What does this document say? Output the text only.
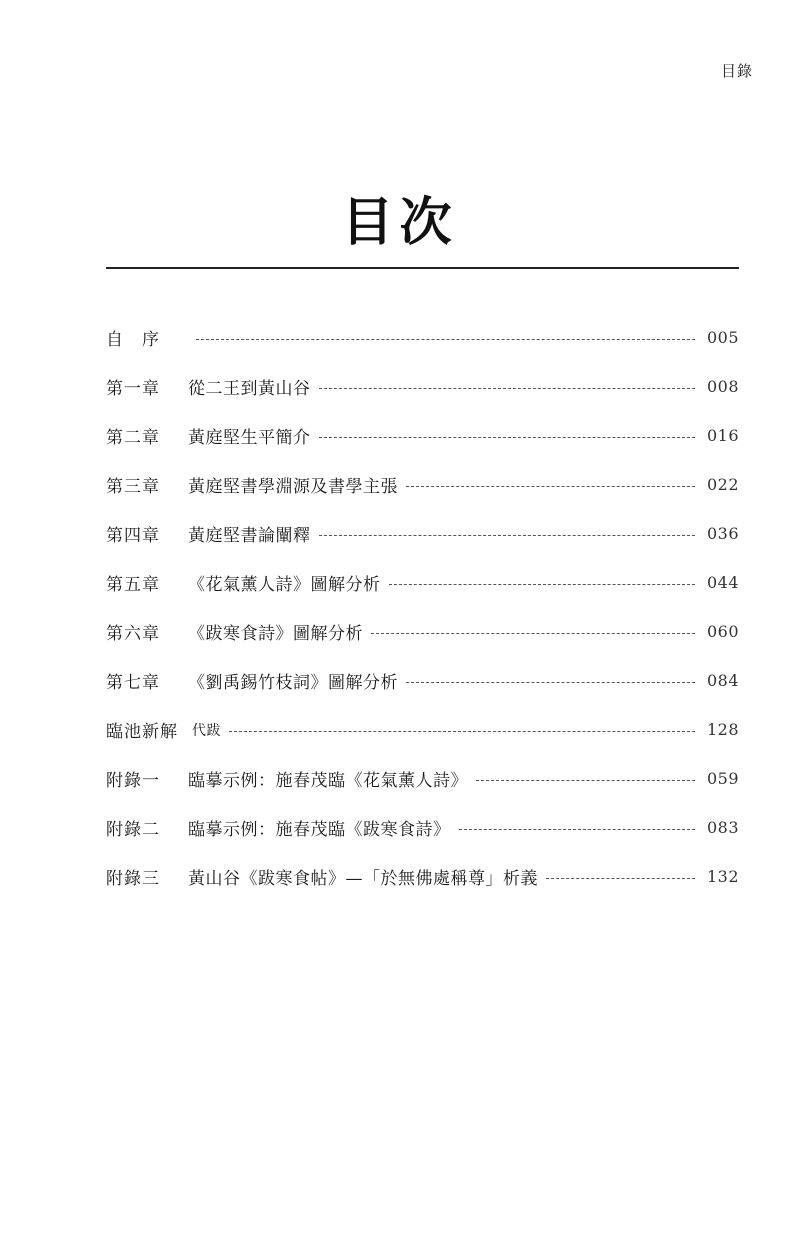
目錄
目次
自　序	005
第一章	從二王到黃山谷	008
第二章	黃庭堅生平簡介	016
第三章	黃庭堅書學淵源及書學主張	022
第四章	黃庭堅書論闡釋	036
第五章	《花氣薰人詩》圖解分析	044
第六章	《跋寒食詩》圖解分析	060
第七章	《劉禹錫竹枝詞》圖解分析	084
臨池新解 代跋	128
附錄一	臨摹示例：施春茂臨《花氣薰人詩》	059
附錄二	臨摹示例：施春茂臨《跋寒食詩》	083
附錄三	黃山谷《跋寒食帖》—「於無佛處稱尊」析義	132
